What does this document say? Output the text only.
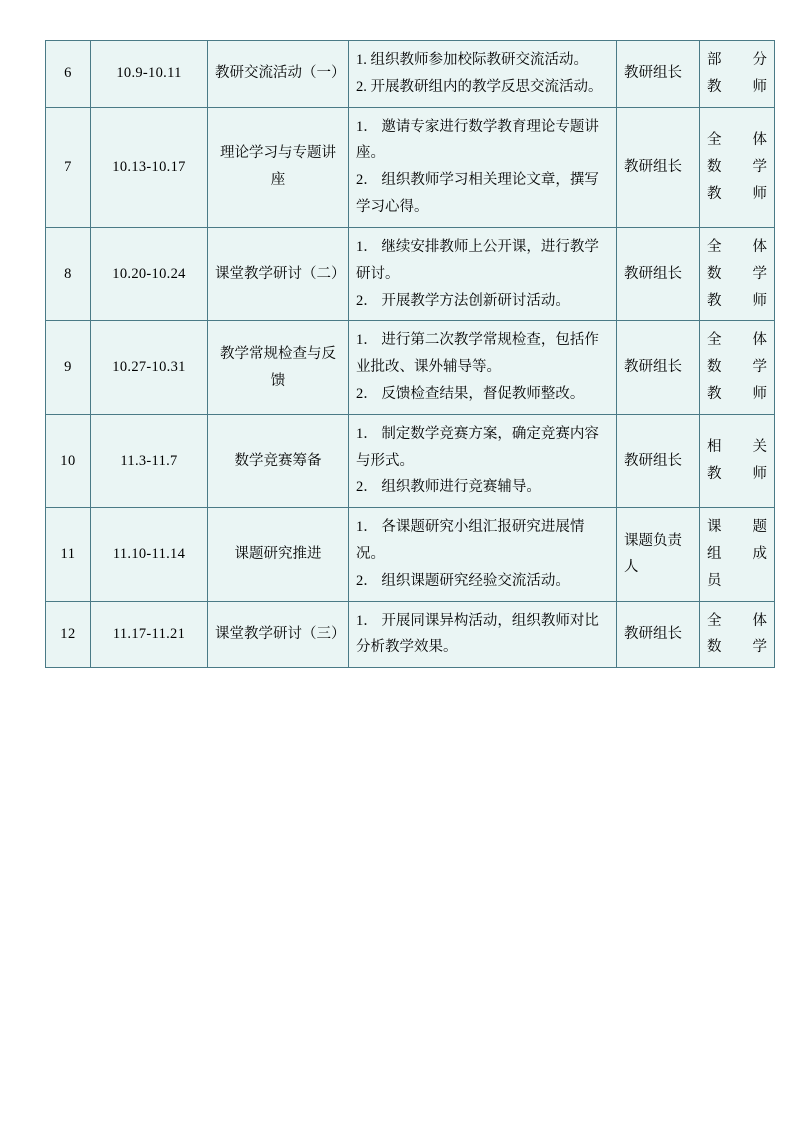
6	10.9-10.11	教研交流活动（一）	1. 组织教师参加校际教研交流活动。
2. 开展教研组内的教学反思交流活动。	教研组长	部 分
教 师

7	10.13-10.17	理论学习与专题讲座	1． 邀请专家进行数学教育理论专题讲座。
2． 组织教师学习相关理论文章，撰写学习心得。	教研组长	全 体
数 学
教 师

8	10.20-10.24	课堂教学研讨（二）	1． 继续安排教师上公开课，进行教学研讨。
2． 开展教学方法创新研讨活动。	教研组长	全 体
数 学
教师

9	10.27-10.31	教学常规检查与反馈	1． 进行第二次教学常规检查，包括作业批改、课外辅导等。
2． 反馈检查结果，督促教师整改。	教研组长	全 体
数 学
教 师

10	11.3-11.7	数学竞赛筹备	1． 制定数学竞赛方案，确定竞赛内容与形式。
2． 组织教师进行竞赛辅导。	教研组长	相 关
教师

11	11.10-11.14	课题研究推进	1． 各课题研究小组汇报研究进展情况。
2． 组织课题研究经验交流活动。	课题负责人	课 题
组 成
员

12	11.17-11.21	课堂教学研讨（三）	1． 开展同课异构活动，组织教师对比分析教学效果。	教研组长	全 体
数 学
